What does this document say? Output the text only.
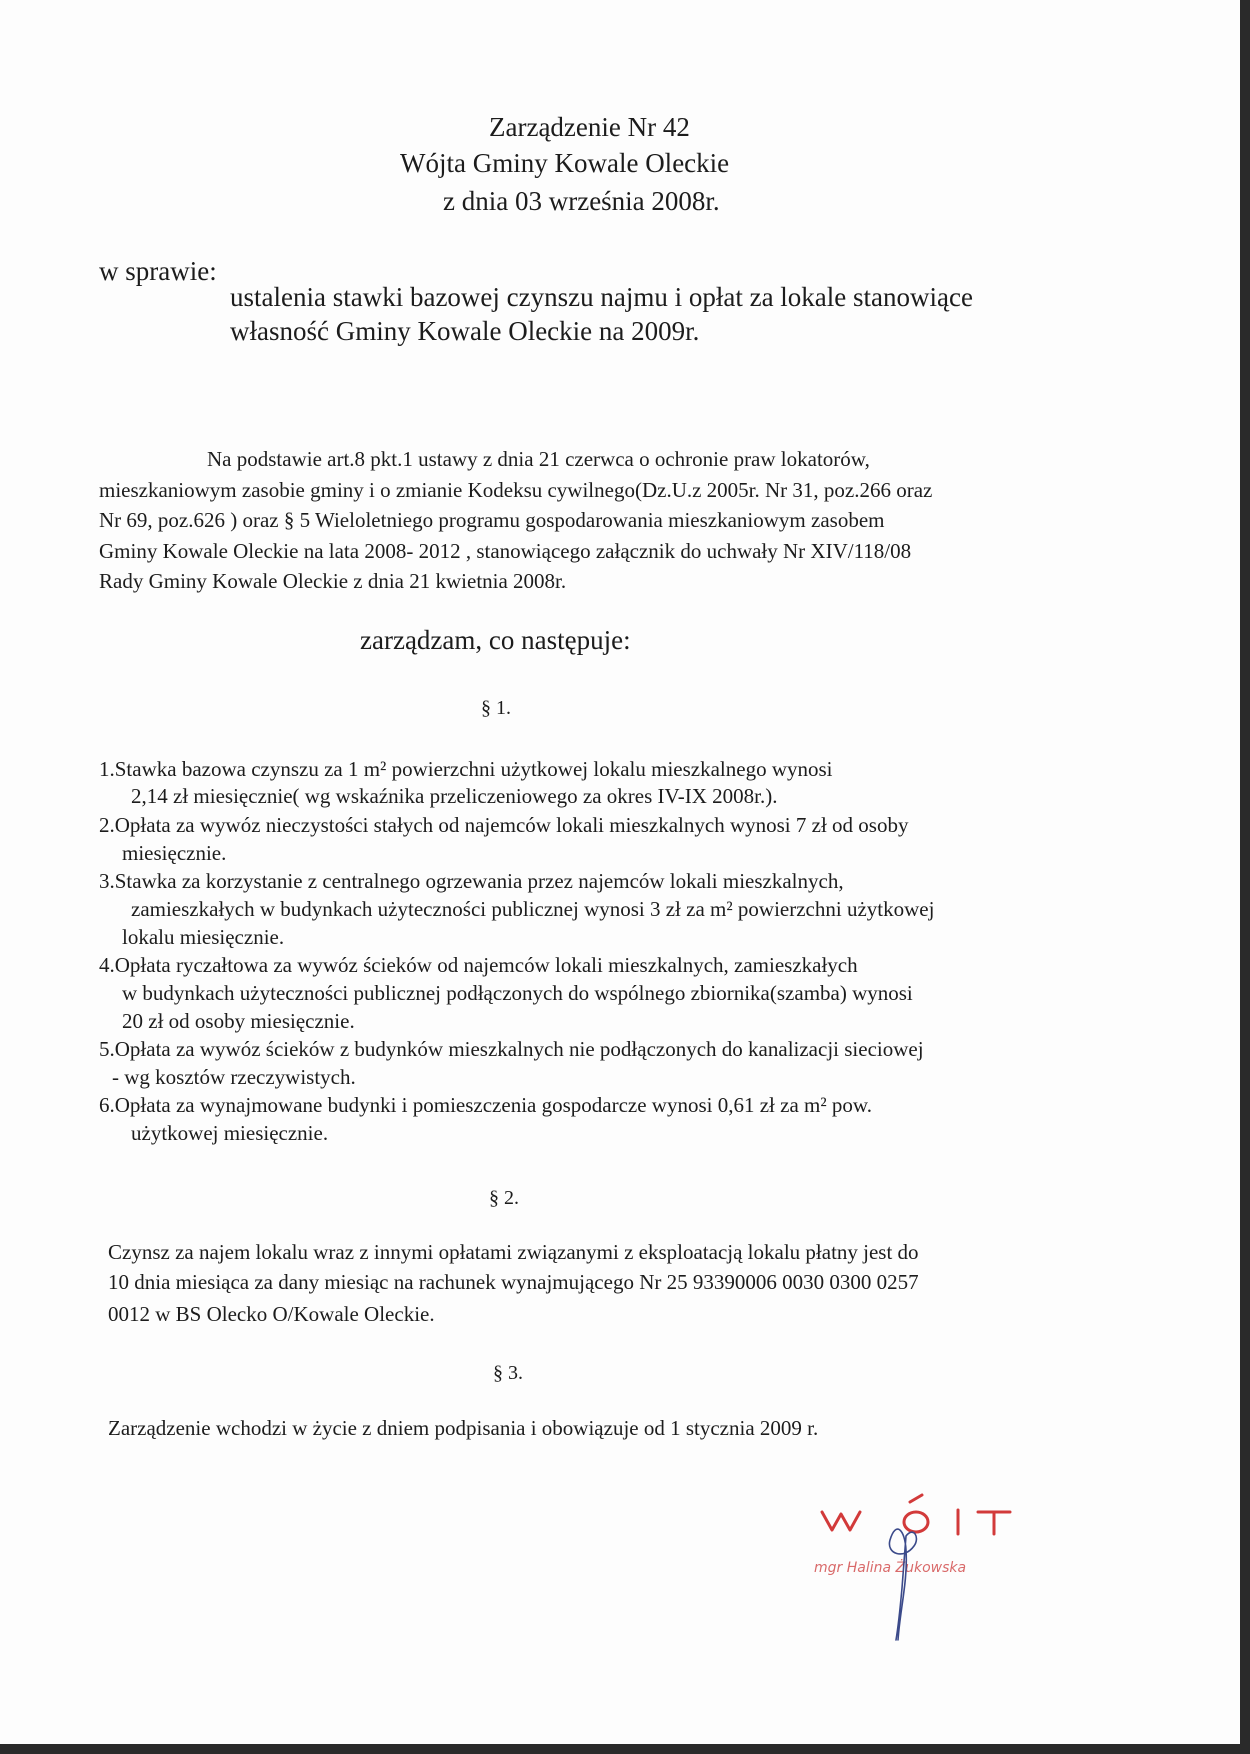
Zarządzenie Nr 42

Wójta Gminy Kowale Oleckie

z dnia 03 września 2008r.

w sprawie:

ustalenia stawki bazowej czynszu najmu i opłat za lokale stanowiące

własność Gminy Kowale Oleckie na 2009r.

Na podstawie art.8 pkt.1 ustawy z dnia 21 czerwca o ochronie praw lokatorów,

mieszkaniowym zasobie gminy i o zmianie Kodeksu cywilnego(Dz.U.z 2005r. Nr 31, poz.266 oraz

Nr 69, poz.626 ) oraz § 5 Wieloletniego programu gospodarowania mieszkaniowym zasobem

Gminy Kowale Oleckie na lata 2008- 2012 , stanowiącego załącznik do uchwały Nr XIV/118/08

Rady Gminy Kowale Oleckie z dnia 21 kwietnia 2008r.

zarządzam, co następuje:

§ 1.

1.Stawka bazowa czynszu za 1 m² powierzchni użytkowej lokalu mieszkalnego wynosi

2,14 zł miesięcznie( wg wskaźnika przeliczeniowego za okres IV-IX 2008r.).

2.Opłata za wywóz nieczystości stałych od najemców lokali mieszkalnych wynosi 7 zł od osoby

miesięcznie.

3.Stawka za korzystanie z centralnego ogrzewania przez najemców lokali mieszkalnych,

zamieszkałych w budynkach użyteczności publicznej wynosi 3 zł za m² powierzchni użytkowej

lokalu miesięcznie.

4.Opłata ryczałtowa za wywóz ścieków od najemców lokali mieszkalnych, zamieszkałych

w budynkach użyteczności publicznej podłączonych do wspólnego zbiornika(szamba) wynosi

20 zł od osoby miesięcznie.

5.Opłata za wywóz ścieków z budynków mieszkalnych nie podłączonych do kanalizacji sieciowej

- wg kosztów rzeczywistych.

6.Opłata za wynajmowane budynki i pomieszczenia gospodarcze wynosi 0,61 zł za m² pow.

użytkowej miesięcznie.

§ 2.

Czynsz za najem lokalu wraz z innymi opłatami związanymi z eksploatacją lokalu płatny jest do

10 dnia miesiąca za dany miesiąc na rachunek wynajmującego Nr 25 93390006 0030 0300 0257

0012 w BS Olecko O/Kowale Oleckie.

§ 3.

Zarządzenie wchodzi w życie z dniem podpisania i obowiązuje od 1 stycznia 2009 r.

mgr Halina Żukowska
